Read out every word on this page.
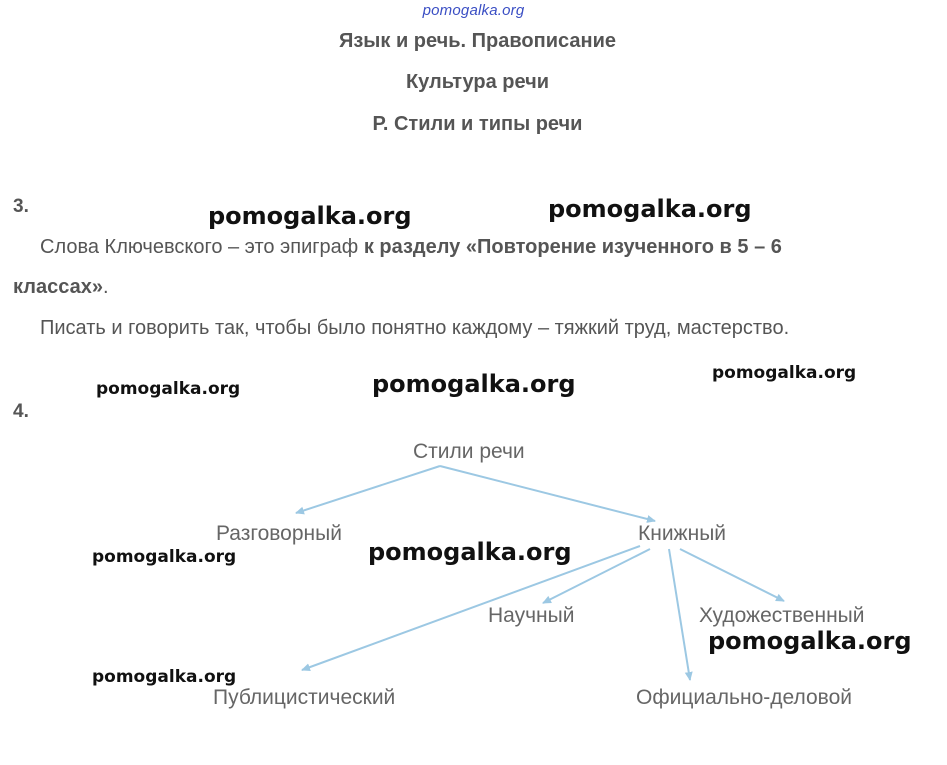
pomogalka.org
Язык и речь. Правописание
Культура речи
Р. Стили и типы речи
3.
Слова Ключевского – это эпиграф к разделу «Повторение изученного в 5 – 6
классах».
Писать и говорить так, чтобы было понятно каждому – тяжкий труд, мастерство.
4.
Стили речи
Разговорный	Книжный
Научный	Художественный
Публицистический	Официально-деловой
pomogalka.org	pomogalka.org
pomogalka.org	pomogalka.org	pomogalka.org
pomogalka.org	pomogalka.org
pomogalka.org
pomogalka.org
